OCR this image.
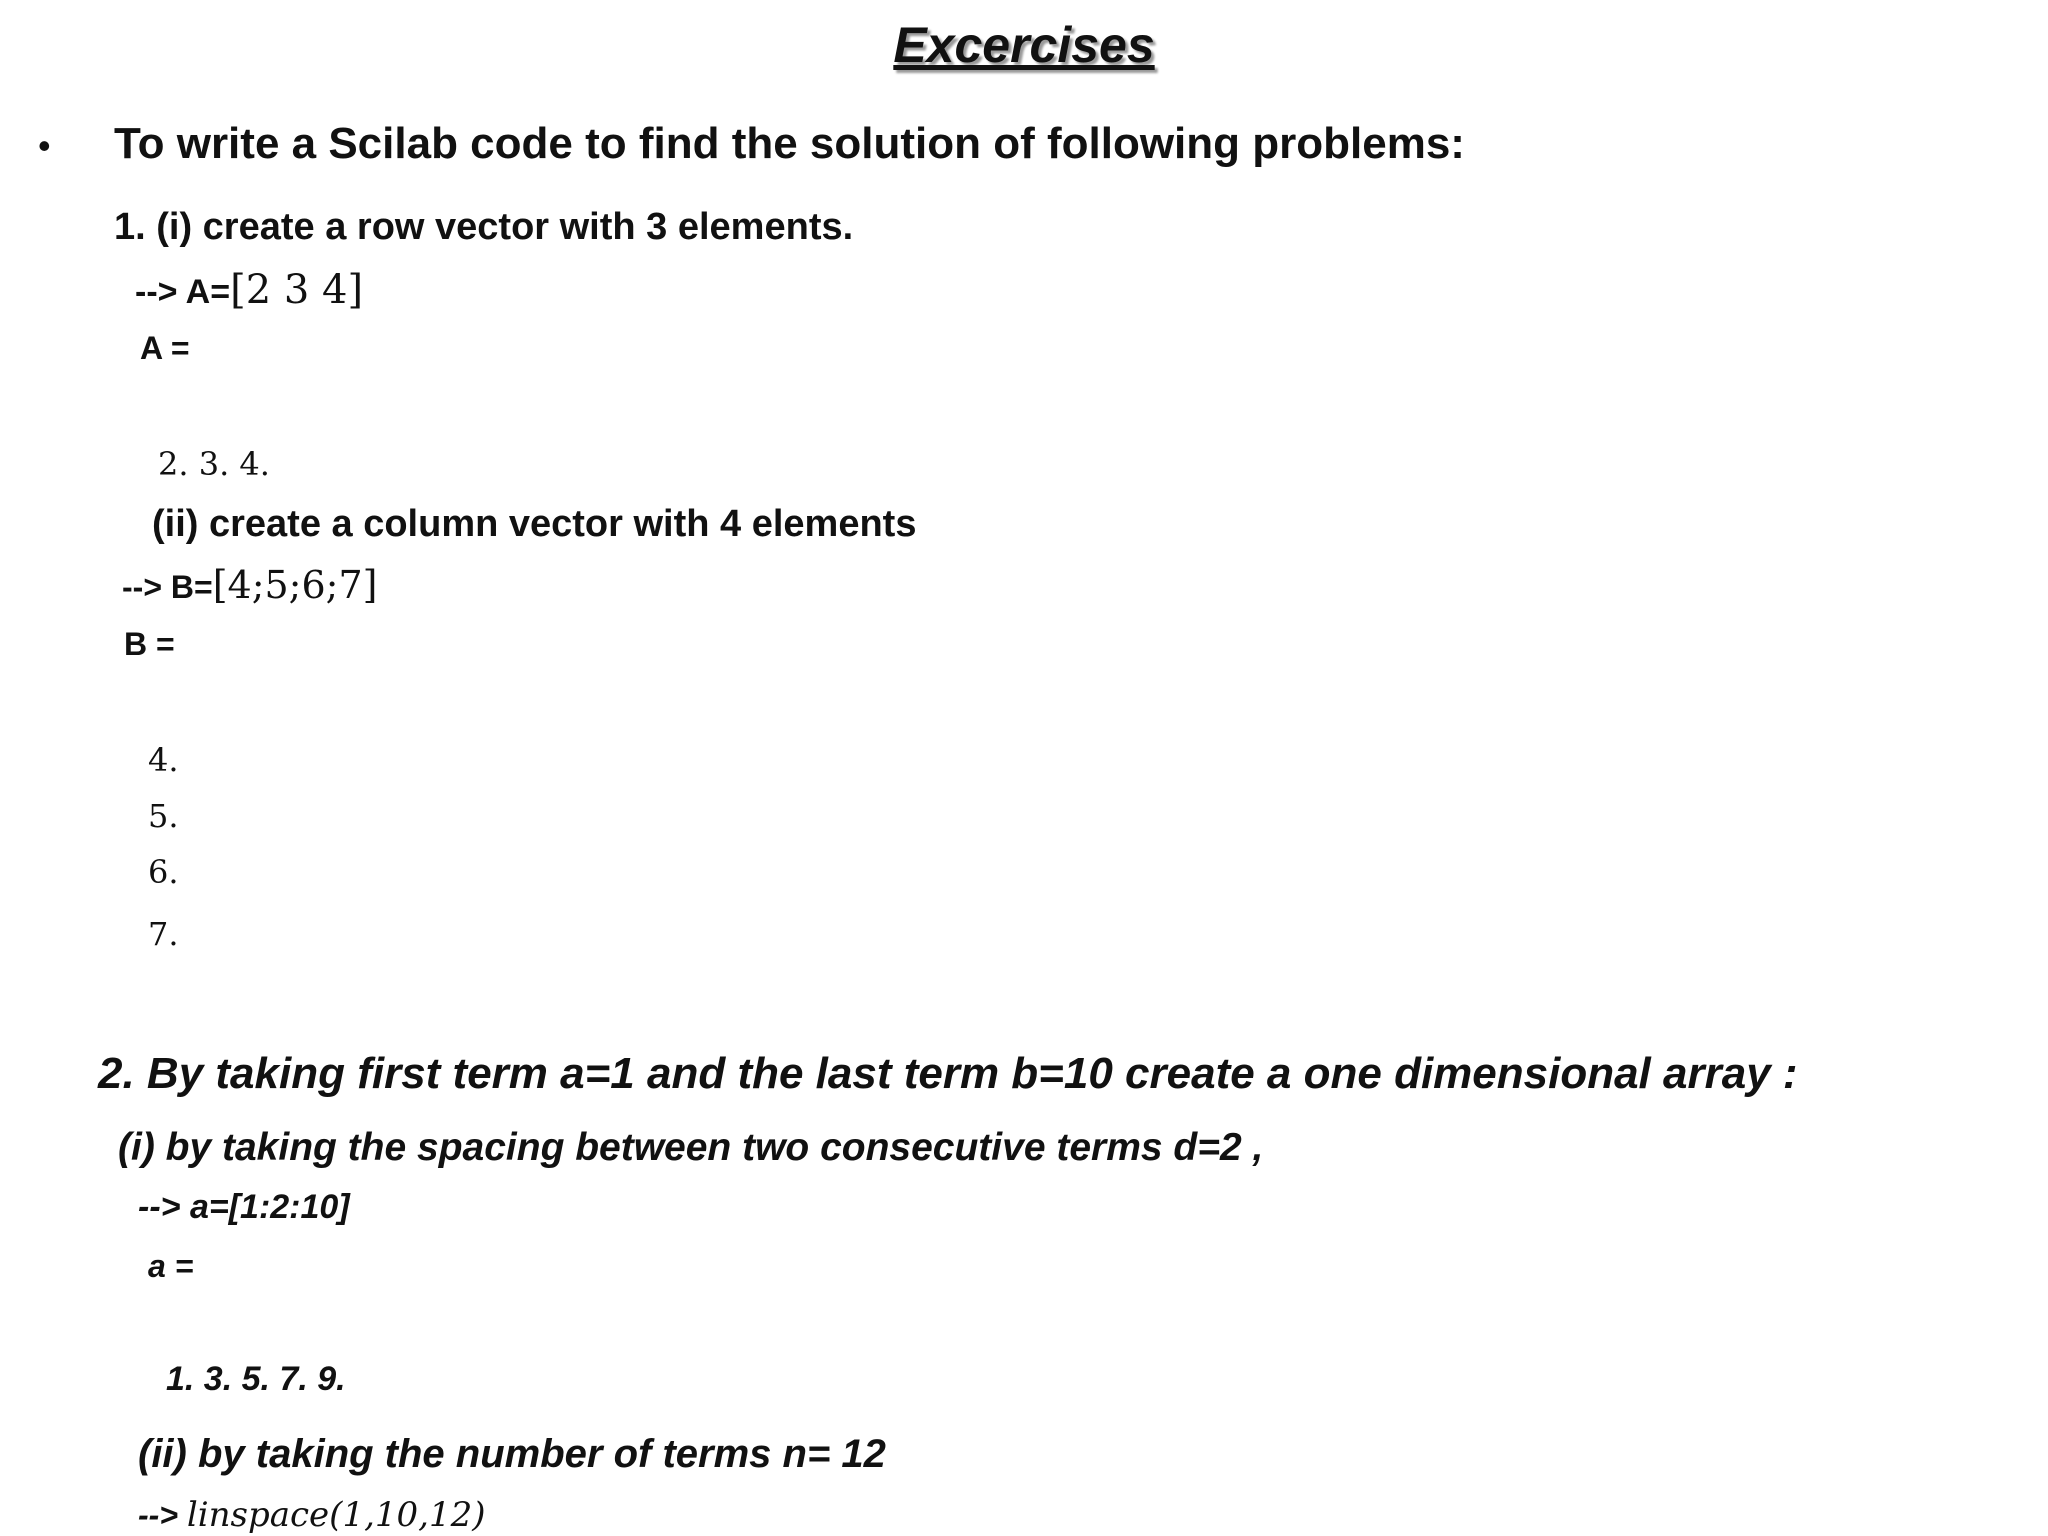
Excercises
• To write a Scilab code to find the solution of following problems:
1. (i) create a row vector with 3 elements.
--> A=[2 3 4]
A =
2. 3. 4.
(ii) create a column vector with 4 elements
--> B=[4;5;6;7]
B =
4.
5.
6.
7.
2. By taking first term a=1 and the last term b=10 create a one dimensional array :
(i) by taking the spacing between two consecutive terms d=2 ,
--> a=[1:2:10]
a =
1. 3. 5. 7. 9.
(ii) by taking the number of terms n= 12
--> linspace(1,10,12)
